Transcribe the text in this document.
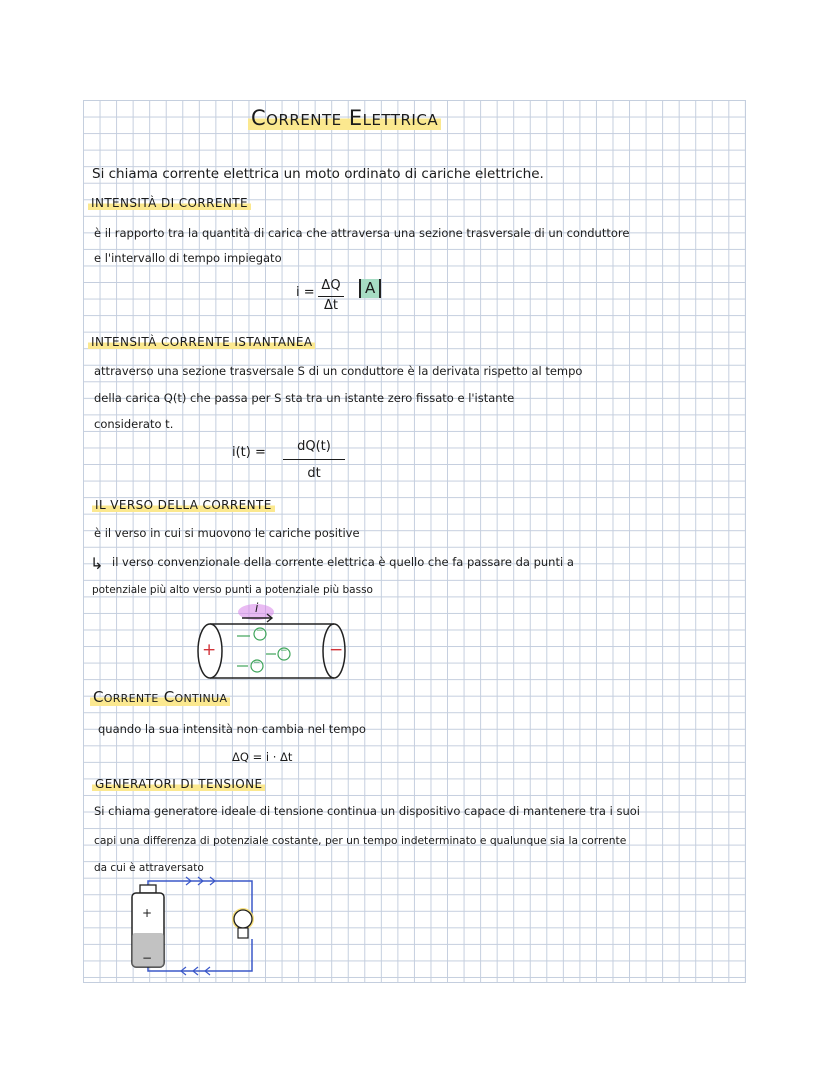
Corrente Elettrica
Si chiama corrente elettrica un moto ordinato di cariche elettriche.
INTENSITÀ DI CORRENTE
è il rapporto tra la quantità di carica che attraversa una sezione trasversale di un conduttore
e l'intervallo di tempo impiegato
i = ΔQ
Δt
A
INTENSITÀ CORRENTE ISTANTANEA
attraverso una sezione trasversale S di un conduttore è la derivata rispetto al tempo
della carica Q(t) che passa per S sta tra un istante zero fissato e l'istante
considerato t.
i(t) =	dQ(t)
dt
IL VERSO DELLA CORRENTE
è il verso in cui si muovono le cariche positive
↳ il verso convenzionale della corrente elettrica è quello che fa passare da punti a
potenziale più alto verso punti a potenziale più basso
i
+	−
−
−
−
Corrente Continua
quando la sua intensità non cambia nel tempo
ΔQ = i · Δt
GENERATORI DI TENSIONE
Si chiama generatore ideale di tensione continua un dispositivo capace di mantenere tra i suoi
capi una differenza di potenziale costante, per un tempo indeterminato e qualunque sia la corrente
da cui è attraversato
+
−
